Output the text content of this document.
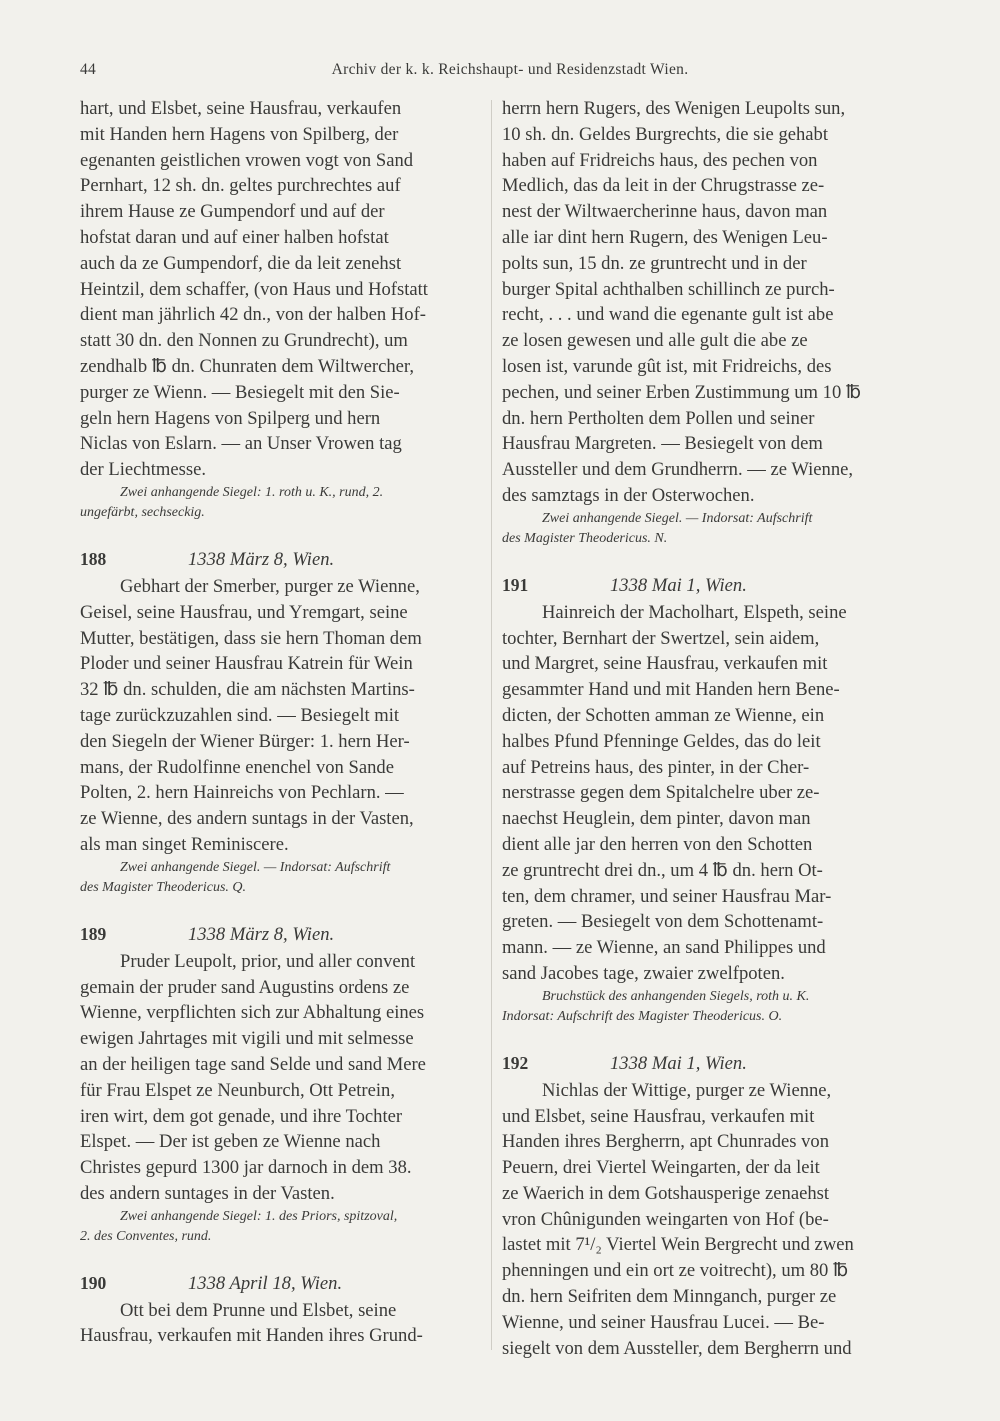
44	Archiv der k. k. Reichshaupt- und Residenzstadt Wien.
hart, und Elsbet, seine Hausfrau, verkaufen
mit Handen hern Hagens von Spilberg, der
egenanten geistlichen vrowen vogt von Sand
Pernhart, 12 sh. dn. geltes purchrechtes auf
ihrem Hause ze Gumpendorf und auf der
hofstat daran und auf einer halben hofstat
auch da ze Gumpendorf, die da leit zenehst
Heintzil, dem schaffer, (von Haus und Hofstatt
dient man jährlich 42 dn., von der halben Hof-
statt 30 dn. den Nonnen zu Grundrecht), um
zendhalb ℔ dn. Chunraten dem Wiltwercher,
purger ze Wienn. — Besiegelt mit den Sie-
geln hern Hagens von Spilperg und hern
Niclas von Eslarn. — an Unser Vrowen tag
der Liechtmesse.
Zwei anhangende Siegel: 1. roth u. K., rund, 2.
ungefärbt, sechseckig.
188	1338 März 8, Wien.
Gebhart der Smerber, purger ze Wienne,
Geisel, seine Hausfrau, und Yremgart, seine
Mutter, bestätigen, dass sie hern Thoman dem
Ploder und seiner Hausfrau Katrein für Wein
32 ℔ dn. schulden, die am nächsten Martins-
tage zurückzuzahlen sind. — Besiegelt mit
den Siegeln der Wiener Bürger: 1. hern Her-
mans, der Rudolfinne enenchel von Sande
Polten, 2. hern Hainreichs von Pechlarn. —
ze Wienne, des andern suntags in der Vasten,
als man singet Reminiscere.
Zwei anhangende Siegel. — Indorsat: Aufschrift
des Magister Theodericus. Q.
189	1338 März 8, Wien.
Pruder Leupolt, prior, und aller convent
gemain der pruder sand Augustins ordens ze
Wienne, verpflichten sich zur Abhaltung eines
ewigen Jahrtages mit vigili und mit selmesse
an der heiligen tage sand Selde und sand Mere
für Frau Elspet ze Neunburch, Ott Petrein,
iren wirt, dem got genade, und ihre Tochter
Elspet. — Der ist geben ze Wienne nach
Christes gepurd 1300 jar darnoch in dem 38.
des andern suntages in der Vasten.
Zwei anhangende Siegel: 1. des Priors, spitzoval,
2. des Conventes, rund.
190	1338 April 18, Wien.
Ott bei dem Prunne und Elsbet, seine
Hausfrau, verkaufen mit Handen ihres Grund-
herrn hern Rugers, des Wenigen Leupolts sun,
10 sh. dn. Geldes Burgrechts, die sie gehabt
haben auf Fridreichs haus, des pechen von
Medlich, das da leit in der Chrugstrasse ze-
nest der Wiltwaercherinne haus, davon man
alle iar dint hern Rugern, des Wenigen Leu-
polts sun, 15 dn. ze gruntrecht und in der
burger Spital achthalben schillinch ze purch-
recht, . . . und wand die egenante gult ist abe
ze losen gewesen und alle gult die abe ze
losen ist, varunde gût ist, mit Fridreichs, des
pechen, und seiner Erben Zustimmung um 10 ℔
dn. hern Pertholten dem Pollen und seiner
Hausfrau Margreten. — Besiegelt von dem
Aussteller und dem Grundherrn. — ze Wienne,
des samztags in der Osterwochen.
Zwei anhangende Siegel. — Indorsat: Aufschrift
des Magister Theodericus. N.
191	1338 Mai 1, Wien.
Hainreich der Macholhart, Elspeth, seine
tochter, Bernhart der Swertzel, sein aidem,
und Margret, seine Hausfrau, verkaufen mit
gesammter Hand und mit Handen hern Bene-
dicten, der Schotten amman ze Wienne, ein
halbes Pfund Pfenninge Geldes, das do leit
auf Petreins haus, des pinter, in der Cher-
nerstrasse gegen dem Spitalchelre uber ze-
naechst Heuglein, dem pinter, davon man
dient alle jar den herren von den Schotten
ze gruntrecht drei dn., um 4 ℔ dn. hern Ot-
ten, dem chramer, und seiner Hausfrau Mar-
greten. — Besiegelt von dem Schottenamt-
mann. — ze Wienne, an sand Philippes und
sand Jacobes tage, zwaier zwelfpoten.
Bruchstück des anhangenden Siegels, roth u. K.
Indorsat: Aufschrift des Magister Theodericus. O.
192	1338 Mai 1, Wien.
Nichlas der Wittige, purger ze Wienne,
und Elsbet, seine Hausfrau, verkaufen mit
Handen ihres Bergherrn, apt Chunrades von
Peuern, drei Viertel Weingarten, der da leit
ze Waerich in dem Gotshausperige zenaehst
vron Chûnigunden weingarten von Hof (be-
lastet mit 7¹/₂ Viertel Wein Bergrecht und zwen
phenningen und ein ort ze voitrecht), um 80 ℔
dn. hern Seifriten dem Minnganch, purger ze
Wienne, und seiner Hausfrau Lucei. — Be-
siegelt von dem Aussteller, dem Bergherrn und
